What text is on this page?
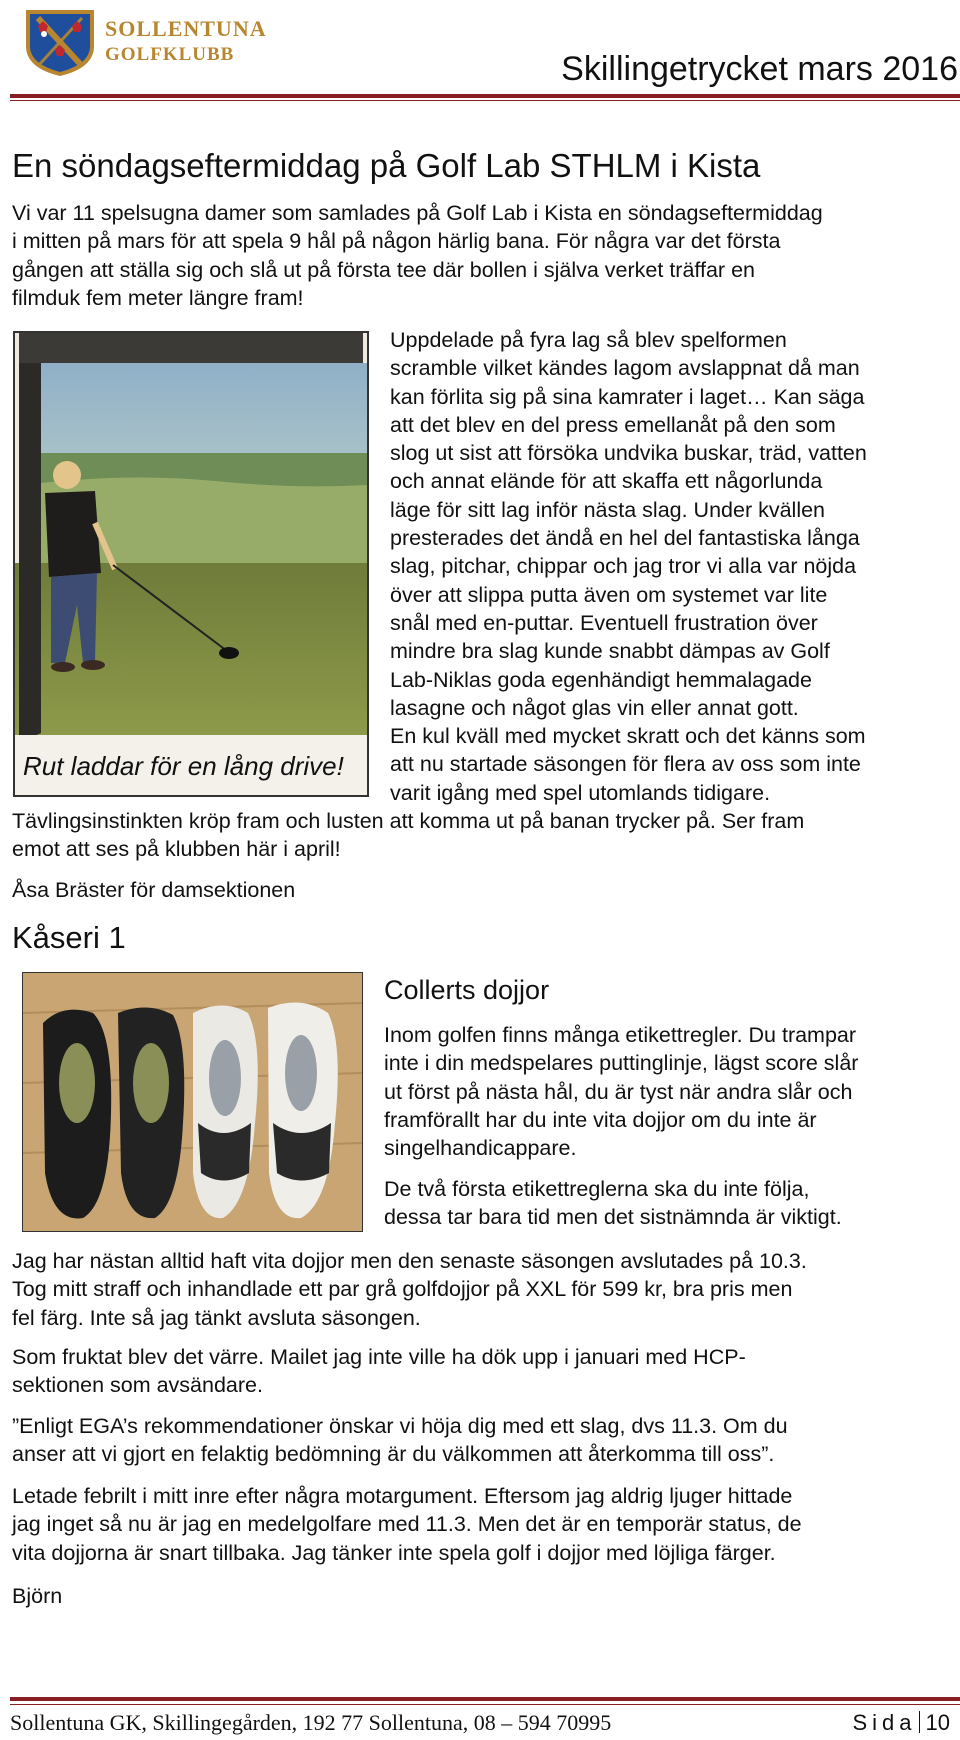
SOLLENTUNA
GOLFKLUBB	Skillingetrycket mars 2016
En söndagseftermiddag på Golf Lab STHLM i Kista
Vi var 11 spelsugna damer som samlades på Golf Lab i Kista en söndagseftermiddag
i mitten på mars för att spela 9 hål på någon härlig bana. För några var det första
gången att ställa sig och slå ut på första tee där bollen i själva verket träffar en
filmduk fem meter längre fram!
Rut laddar för en lång drive!
Uppdelade på fyra lag så blev spelformen
scramble vilket kändes lagom avslappnat då man
kan förlita sig på sina kamrater i laget… Kan säga
att det blev en del press emellanåt på den som
slog ut sist att försöka undvika buskar, träd, vatten
och annat elände för att skaffa ett någorlunda
läge för sitt lag inför nästa slag. Under kvällen
presterades det ändå en hel del fantastiska långa
slag, pitchar, chippar och jag tror vi alla var nöjda
över att slippa putta även om systemet var lite
snål med en-puttar. Eventuell frustration över
mindre bra slag kunde snabbt dämpas av Golf
Lab-Niklas goda egenhändigt hemmalagade
lasagne och något glas vin eller annat gott.
En kul kväll med mycket skratt och det känns som
att nu startade säsongen för flera av oss som inte
varit igång med spel utomlands tidigare.
Tävlingsinstinkten kröp fram och lusten att komma ut på banan trycker på. Ser fram
emot att ses på klubben här i april!
Åsa Bräster för damsektionen
Kåseri 1
Collerts dojjor
Inom golfen finns många etikettregler. Du trampar
inte i din medspelares puttinglinje, lägst score slår
ut först på nästa hål, du är tyst när andra slår och
framförallt har du inte vita dojjor om du inte är
singelhandicappare.
De två första etikettreglerna ska du inte följa,
dessa tar bara tid men det sistnämnda är viktigt.
Jag har nästan alltid haft vita dojjor men den senaste säsongen avslutades på 10.3.
Tog mitt straff och inhandlade ett par grå golfdojjor på XXL för 599 kr, bra pris men
fel färg. Inte så jag tänkt avsluta säsongen.
Som fruktat blev det värre. Mailet jag inte ville ha dök upp i januari med HCP-
sektionen som avsändare.
”Enligt EGA’s rekommendationer önskar vi höja dig med ett slag, dvs 11.3. Om du
anser att vi gjort en felaktig bedömning är du välkommen att återkomma till oss”.
Letade febrilt i mitt inre efter några motargument. Eftersom jag aldrig ljuger hittade
jag inget så nu är jag en medelgolfare med 11.3. Men det är en temporär status, de
vita dojjorna är snart tillbaka. Jag tänker inte spela golf i dojjor med löjliga färger.
Björn
Sollentuna GK, Skillingegården, 192 77 Sollentuna, 08 – 594 70995	Sida 10
